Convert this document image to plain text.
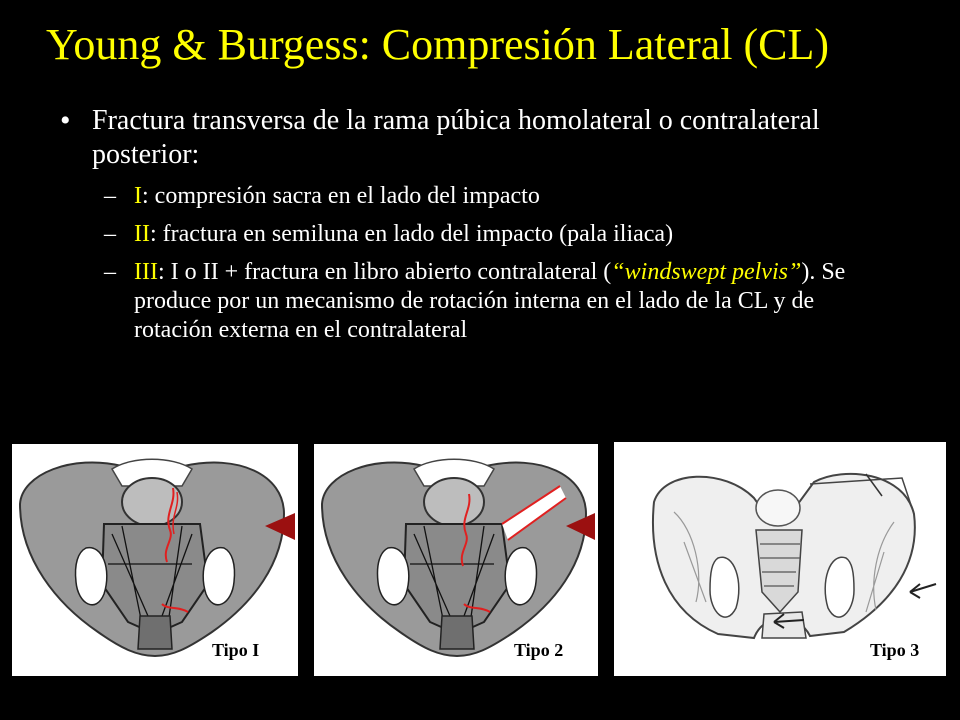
Young & Burgess: Compresión Lateral (CL)
• Fractura transversa de la rama púbica homolateral o contralateral posterior:
– I: compresión sacra en el lado del impacto
– II: fractura en semiluna en lado del impacto (pala iliaca)
– III: I o II + fractura en libro abierto contralateral (“windswept pelvis”). Se produce por un mecanismo de rotación interna en el lado de la CL y de rotación externa en el contralateral
Tipo I	Tipo 2	Tipo 3
